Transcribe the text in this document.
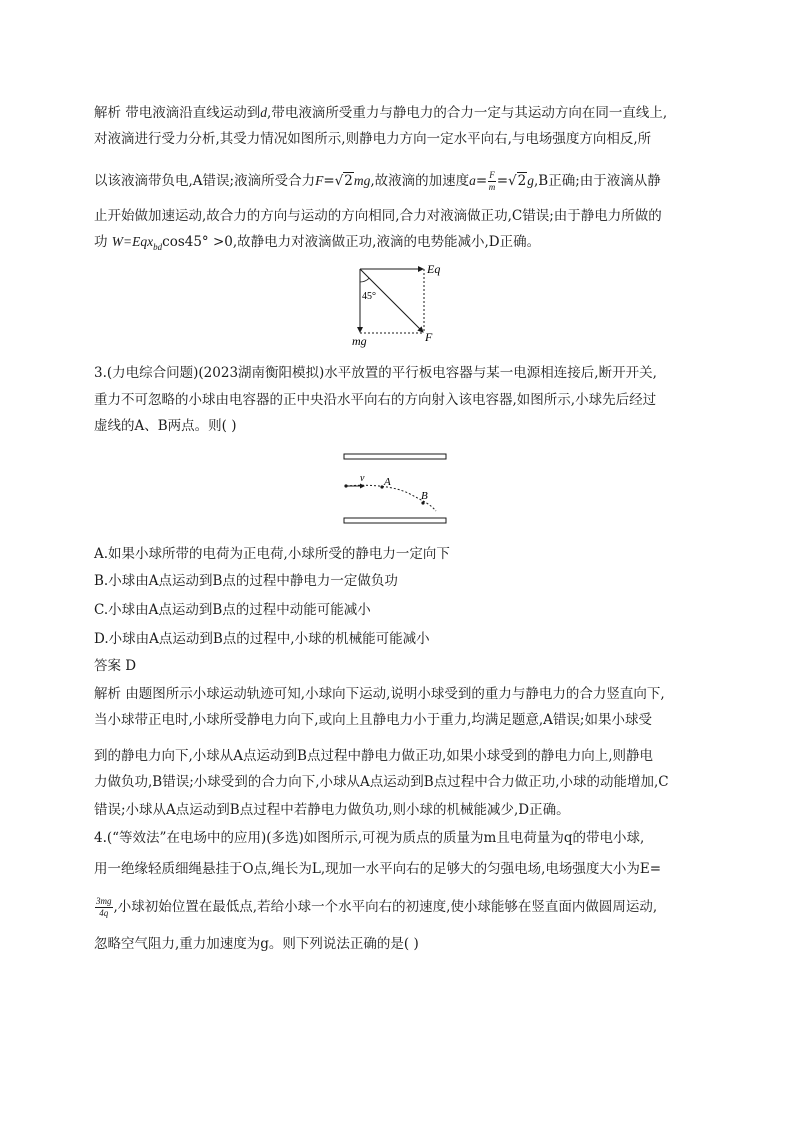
解析 带电液滴沿直线运动到d,带电液滴所受重力与静电力的合力一定与其运动方向在同一直线上,
对液滴进行受力分析,其受力情况如图所示,则静电力方向一定水平向右,与电场强度方向相反,所
以该液滴带负电,A错误;液滴所受合力F=√2mg,故液滴的加速度$a= \frac{F}{m} =√2g,B$正确;由于液滴从静
止开始做加速运动,故合力的方向与运动的方向相同,合力对液滴做正功,C错误;由于静电力所做的
功 W=Eqx$_{bd}$cos45° >0,故静电力对液滴做正功,液滴的电势能减小,D正确。
Eq
45°
mg	F
3.(力电综合问题)(2023湖南衡阳模拟)水平放置的平行板电容器与某一电源相连接后,断开开关,
重力不可忽略的小球由电容器的正中央沿水平向右的方向射入该电容器,如图所示,小球先后经过
虚线的A、B两点。则( )
v A
B
A.如果小球所带的电荷为正电荷,小球所受的静电力一定向下
B.小球由A点运动到B点的过程中静电力一定做负功
C.小球由A点运动到B点的过程中动能可能减小
D.小球由A点运动到B点的过程中,小球的机械能可能减小
答案 D
解析 由题图所示小球运动轨迹可知,小球向下运动,说明小球受到的重力与静电力的合力竖直向下,
当小球带正电时,小球所受静电力向下,或向上且静电力小于重力,均满足题意,A错误;如果小球受
到的静电力向下,小球从A点运动到B点过程中静电力做正功,如果小球受到的静电力向上,则静电
力做负功,B错误;小球受到的合力向下,小球从A点运动到B点过程中合力做正功,小球的动能增加,C
错误;小球从A点运动到B点过程中若静电力做负功,则小球的机械能减少,D正确。
4.(“等效法”在电场中的应用)(多选)如图所示,可视为质点的质量为m且电荷量为q的带电小球,
用一绝缘轻质细绳悬挂于O点,绳长为L,现加一水平向右的足够大的匀强电场,电场强度大小为E=
$\frac{3mg}{4q}$ ,小球初始位置在最低点,若给小球一个水平向右的初速度,使小球能够在竖直面内做圆周运动,
忽略空气阻力,重力加速度为g。则下列说法正确的是( )
